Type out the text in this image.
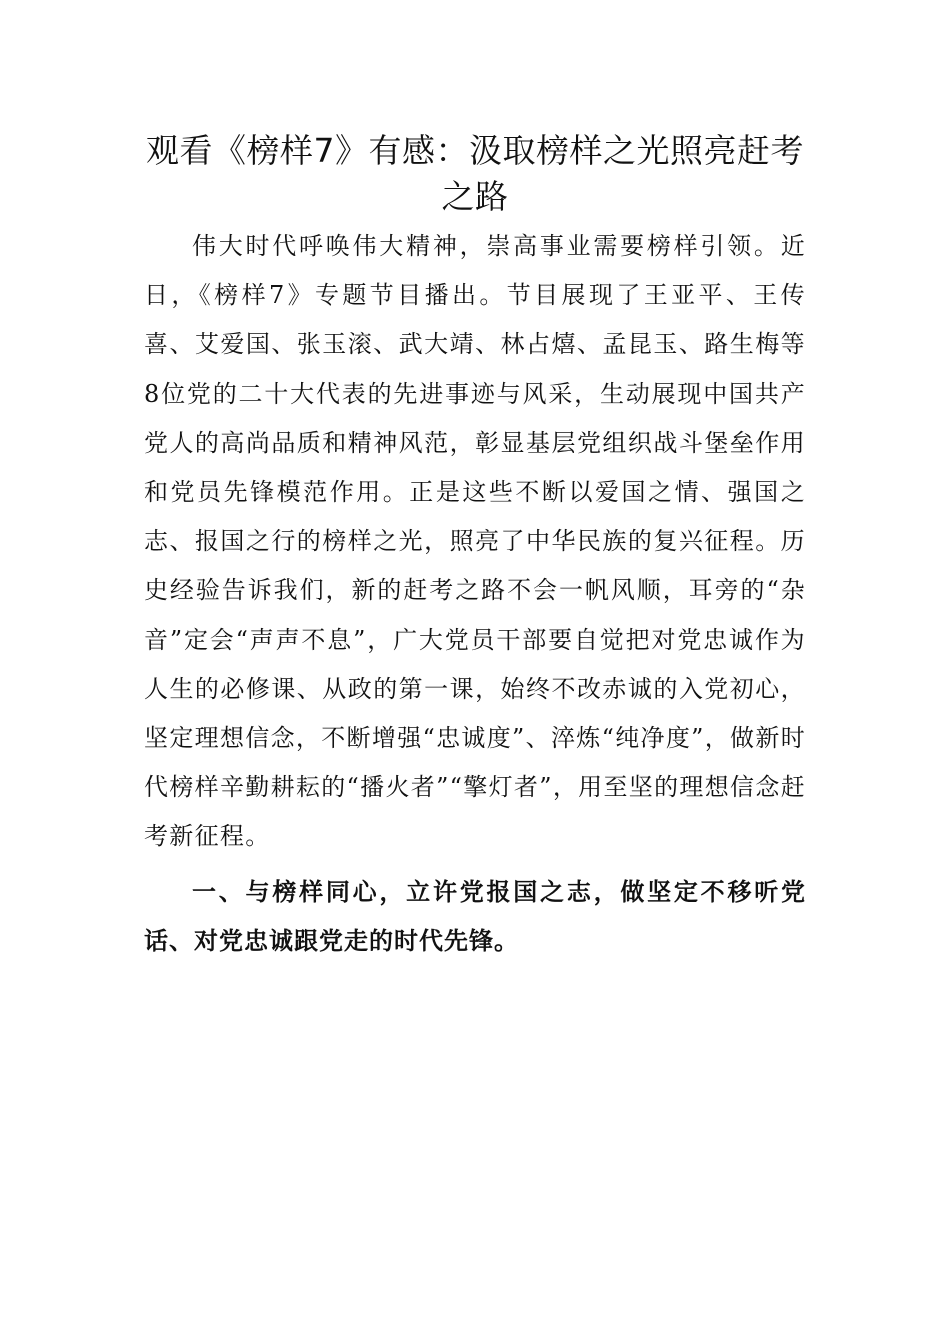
观看《榜样7》有感：汲取榜样之光照亮赶考之路

伟大时代呼唤伟大精神，崇高事业需要榜样引领。近日，《榜样7》专题节目播出。节目展现了王亚平、王传喜、艾爱国、张玉滚、武大靖、林占熺、孟昆玉、路生梅等8位党的二十大代表的先进事迹与风采，生动展现中国共产党人的高尚品质和精神风范，彰显基层党组织战斗堡垒作用和党员先锋模范作用。正是这些不断以爱国之情、强国之志、报国之行的榜样之光，照亮了中华民族的复兴征程。历史经验告诉我们，新的赶考之路不会一帆风顺，耳旁的“杂音”定会“声声不息”，广大党员干部要自觉把对党忠诚作为人生的必修课、从政的第一课，始终不改赤诚的入党初心，坚定理想信念，不断增强“忠诚度”、淬炼“纯净度”，做新时代榜样辛勤耕耘的“播火者”“擎灯者”，用至坚的理想信念赶考新征程。

一、与榜样同心，立许党报国之志，做坚定不移听党话、对党忠诚跟党走的时代先锋。
